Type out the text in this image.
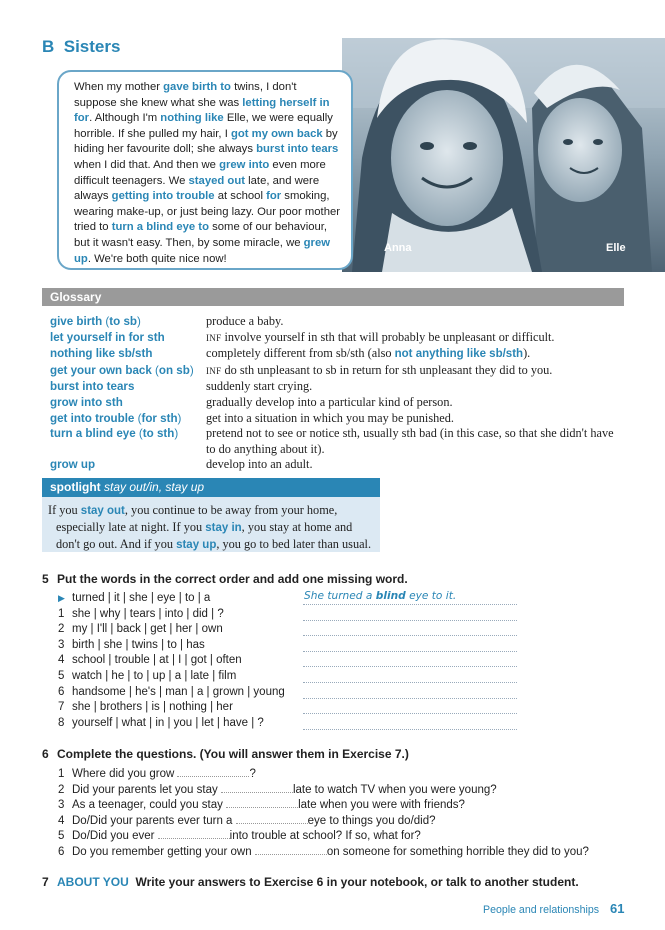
B Sisters
Anna	Elle
When my mother gave birth to twins, I don't suppose she knew what she was letting herself in for. Although I'm nothing like Elle, we were equally horrible. If she pulled my hair, I got my own back by hiding her favourite doll; she always burst into tears when I did that. And then we grew into even more difficult teenagers. We stayed out late, and were always getting into trouble at school for smoking, wearing make-up, or just being lazy. Our poor mother tried to turn a blind eye to some of our behaviour, but it wasn't easy. Then, by some miracle, we grew up. We're both quite nice now!
Glossary
give birth (to sb)	produce a baby.
let yourself in for sth	INF involve yourself in sth that will probably be unpleasant or difficult.
nothing like sb/sth	completely different from sb/sth (also not anything like sb/sth).
get your own back (on sb)	INF do sth unpleasant to sb in return for sth unpleasant they did to you.
burst into tears	suddenly start crying.
grow into sth	gradually develop into a particular kind of person.
get into trouble (for sth)	get into a situation in which you may be punished.
turn a blind eye (to sth)	pretend not to see or notice sth, usually sth bad (in this case, so that she didn't have to do anything about it).
grow up	develop into an adult.
spotlight stay out/in, stay up
If you stay out, you continue to be away from your home,
especially late at night. If you stay in, you stay at home and
don't go out. And if you stay up, you go to bed later than usual.
5 Put the words in the correct order and add one missing word.
▶ turned | it | she | eye | to | a
1 she | why | tears | into | did | ?
2 my | I'll | back | get | her | own
3 birth | she | twins | to | has
4 school | trouble | at | I | got | often
5 watch | he | to | up | a | late | film
6 handsome | he's | man | a | grown | young
7 she | brothers | is | nothing | her
8 yourself | what | in | you | let | have | ?
She turned a blind eye to it.
6 Complete the questions. (You will answer them in Exercise 7.)
1 Where did you grow	?
2 Did your parents let you stay	late to watch TV when you were young?
3 As a teenager, could you stay	late when you were with friends?
4 Do/Did your parents ever turn a	eye to things you do/did?
5 Do/Did you ever	into trouble at school? If so, what for?
6 Do you remember getting your own	on someone for something horrible they did to you?
7 ABOUT YOU Write your answers to Exercise 6 in your notebook, or talk to another student.
People and relationships 61
